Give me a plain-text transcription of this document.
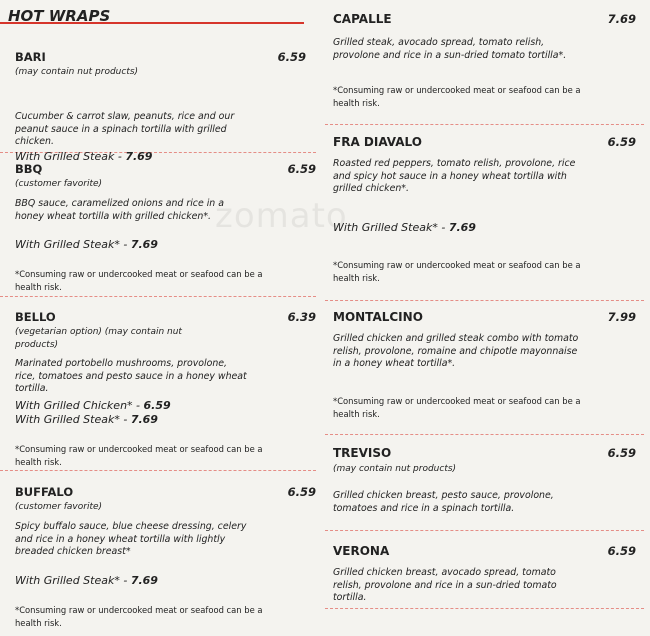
zomato
HOT WRAPS
BARI	6.59
(may contain nut products)
Cucumber & carrot slaw, peanuts, rice and our peanut sauce in a spinach tortilla with grilled chicken.
With Grilled Steak - 7.69
BBQ	6.59
(customer favorite)
BBQ sauce, caramelized onions and rice in a honey wheat tortilla with grilled chicken*.
With Grilled Steak* - 7.69
*Consuming raw or undercooked meat or seafood can be a health risk.
BELLO	6.39
(vegetarian option) (may contain nut products)
Marinated portobello mushrooms, provolone, rice, tomatoes and pesto sauce in a honey wheat tortilla.
With Grilled Chicken* - 6.59
With Grilled Steak* - 7.69
*Consuming raw or undercooked meat or seafood can be a health risk.
BUFFALO	6.59
(customer favorite)
Spicy buffalo sauce, blue cheese dressing, celery and rice in a honey wheat tortilla with lightly breaded chicken breast*
With Grilled Steak* - 7.69
*Consuming raw or undercooked meat or seafood can be a health risk.
CAPALLE	7.69
Grilled steak, avocado spread, tomato relish, provolone and rice in a sun-dried tomato tortilla*.
*Consuming raw or undercooked meat or seafood can be a health risk.
FRA DIAVALO	6.59
Roasted red peppers, tomato relish, provolone, rice and spicy hot sauce in a honey wheat tortilla with grilled chicken*.
With Grilled Steak* - 7.69
*Consuming raw or undercooked meat or seafood can be a health risk.
MONTALCINO	7.99
Grilled chicken and grilled steak combo with tomato relish, provolone, romaine and chipotle mayonnaise in a honey wheat tortilla*.
*Consuming raw or undercooked meat or seafood can be a health risk.
TREVISO	6.59
(may contain nut products)
Grilled chicken breast, pesto sauce, provolone, tomatoes and rice in a spinach tortilla.
VERONA	6.59
Grilled chicken breast, avocado spread, tomato relish, provolone and rice in a sun-dried tomato tortilla.
